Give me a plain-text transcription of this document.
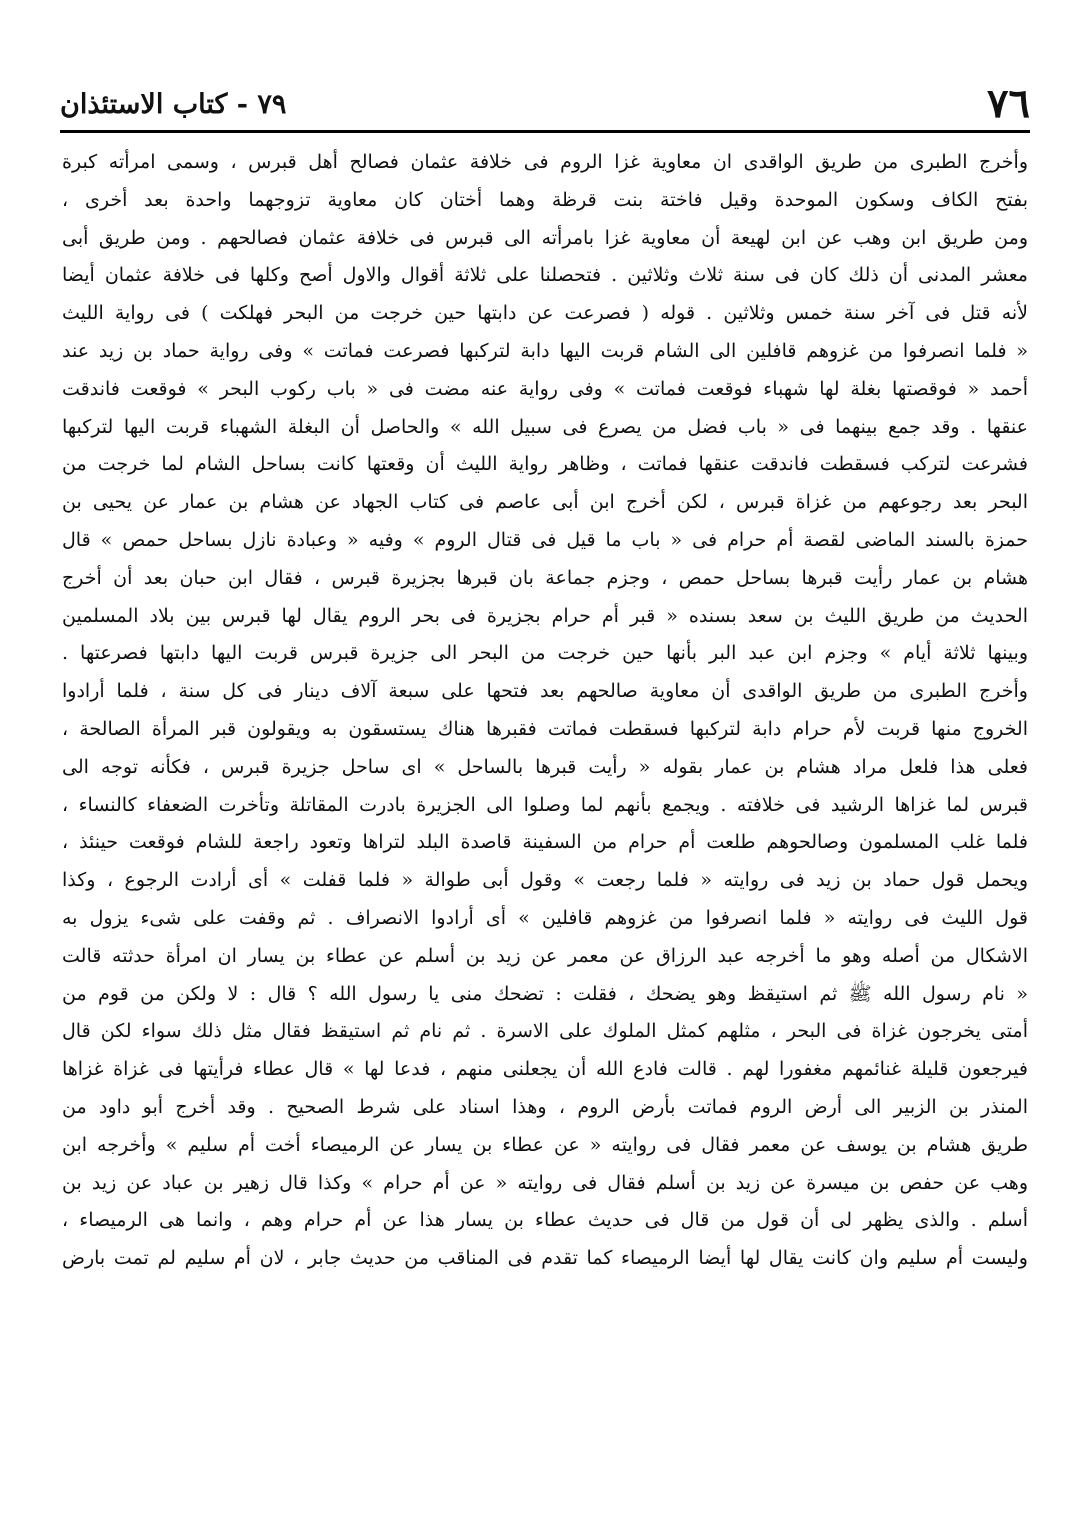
٧٦
٧٩ - كتاب الاستئذان
وأخرج الطبرى من طريق الواقدى ان معاوية غزا الروم فى خلافة عثمان فصالح أهل قبرس ، وسمى امرأته كبرة
بفتح الكاف وسكون الموحدة وقيل فاختة بنت قرظة وهما أختان كان معاوية تزوجهما واحدة بعد أخرى ،
ومن طريق ابن وهب عن ابن لهيعة أن معاوية غزا بامرأته الى قبرس فى خلافة عثمان فصالحهم . ومن طريق أبى
معشر المدنى أن ذلك كان فى سنة ثلاث وثلاثين . فتحصلنا على ثلاثة أقوال والاول أصح وكلها فى خلافة عثمان أيضا
لأنه قتل فى آخر سنة خمس وثلاثين . قوله ( فصرعت عن دابتها حين خرجت من البحر فهلكت ) فى رواية الليث
« فلما انصرفوا من غزوهم قافلين الى الشام قربت اليها دابة لتركبها فصرعت فماتت » وفى رواية حماد بن زيد عند
أحمد « فوقصتها بغلة لها شهباء فوقعت فماتت » وفى رواية عنه مضت فى « باب ركوب البحر » فوقعت فاندقت
عنقها . وقد جمع بينهما فى « باب فضل من يصرع فى سبيل الله » والحاصل أن البغلة الشهباء قربت اليها لتركبها
فشرعت لتركب فسقطت فاندقت عنقها فماتت ، وظاهر رواية الليث أن وقعتها كانت بساحل الشام لما خرجت من
البحر بعد رجوعهم من غزاة قبرس ، لكن أخرج ابن أبى عاصم فى كتاب الجهاد عن هشام بن عمار عن يحيى بن
حمزة بالسند الماضى لقصة أم حرام فى « باب ما قيل فى قتال الروم » وفيه « وعبادة نازل بساحل حمص » قال
هشام بن عمار رأيت قبرها بساحل حمص ، وجزم جماعة بان قبرها بجزيرة قبرس ، فقال ابن حبان بعد أن أخرج
الحديث من طريق الليث بن سعد بسنده « قبر أم حرام بجزيرة فى بحر الروم يقال لها قبرس بين بلاد المسلمين
وبينها ثلاثة أيام » وجزم ابن عبد البر بأنها حين خرجت من البحر الى جزيرة قبرس قربت اليها دابتها فصرعتها .
وأخرج الطبرى من طريق الواقدى أن معاوية صالحهم بعد فتحها على سبعة آلاف دينار فى كل سنة ، فلما أرادوا
الخروج منها قربت لأم حرام دابة لتركبها فسقطت فماتت فقبرها هناك يستسقون به ويقولون قبر المرأة الصالحة ،
فعلى هذا فلعل مراد هشام بن عمار بقوله « رأيت قبرها بالساحل » اى ساحل جزيرة قبرس ، فكأنه توجه الى
قبرس لما غزاها الرشيد فى خلافته . ويجمع بأنهم لما وصلوا الى الجزيرة بادرت المقاتلة وتأخرت الضعفاء كالنساء ،
فلما غلب المسلمون وصالحوهم طلعت أم حرام من السفينة قاصدة البلد لتراها وتعود راجعة للشام فوقعت حينئذ ،
ويحمل قول حماد بن زيد فى روايته « فلما رجعت » وقول أبى طوالة « فلما قفلت » أى أرادت الرجوع ، وكذا
قول الليث فى روايته « فلما انصرفوا من غزوهم قافلين » أى أرادوا الانصراف . ثم وقفت على شىء يزول به
الاشكال من أصله وهو ما أخرجه عبد الرزاق عن معمر عن زيد بن أسلم عن عطاء بن يسار ان امرأة حدثته قالت
« نام رسول الله ﷺ ثم استيقظ وهو يضحك ، فقلت : تضحك منى يا رسول الله ؟ قال : لا ولكن من قوم من
أمتى يخرجون غزاة فى البحر ، مثلهم كمثل الملوك على الاسرة . ثم نام ثم استيقظ فقال مثل ذلك سواء لكن قال
فيرجعون قليلة غنائمهم مغفورا لهم . قالت فادع الله أن يجعلنى منهم ، فدعا لها » قال عطاء فرأيتها فى غزاة غزاها
المنذر بن الزبير الى أرض الروم فماتت بأرض الروم ، وهذا اسناد على شرط الصحيح . وقد أخرج أبو داود من
طريق هشام بن يوسف عن معمر فقال فى روايته « عن عطاء بن يسار عن الرميصاء أخت أم سليم » وأخرجه ابن
وهب عن حفص بن ميسرة عن زيد بن أسلم فقال فى روايته « عن أم حرام » وكذا قال زهير بن عباد عن زيد بن
أسلم . والذى يظهر لى أن قول من قال فى حديث عطاء بن يسار هذا عن أم حرام وهم ، وانما هى الرميصاء ،
وليست أم سليم وان كانت يقال لها أيضا الرميصاء كما تقدم فى المناقب من حديث جابر ، لان أم سليم لم تمت بارض
